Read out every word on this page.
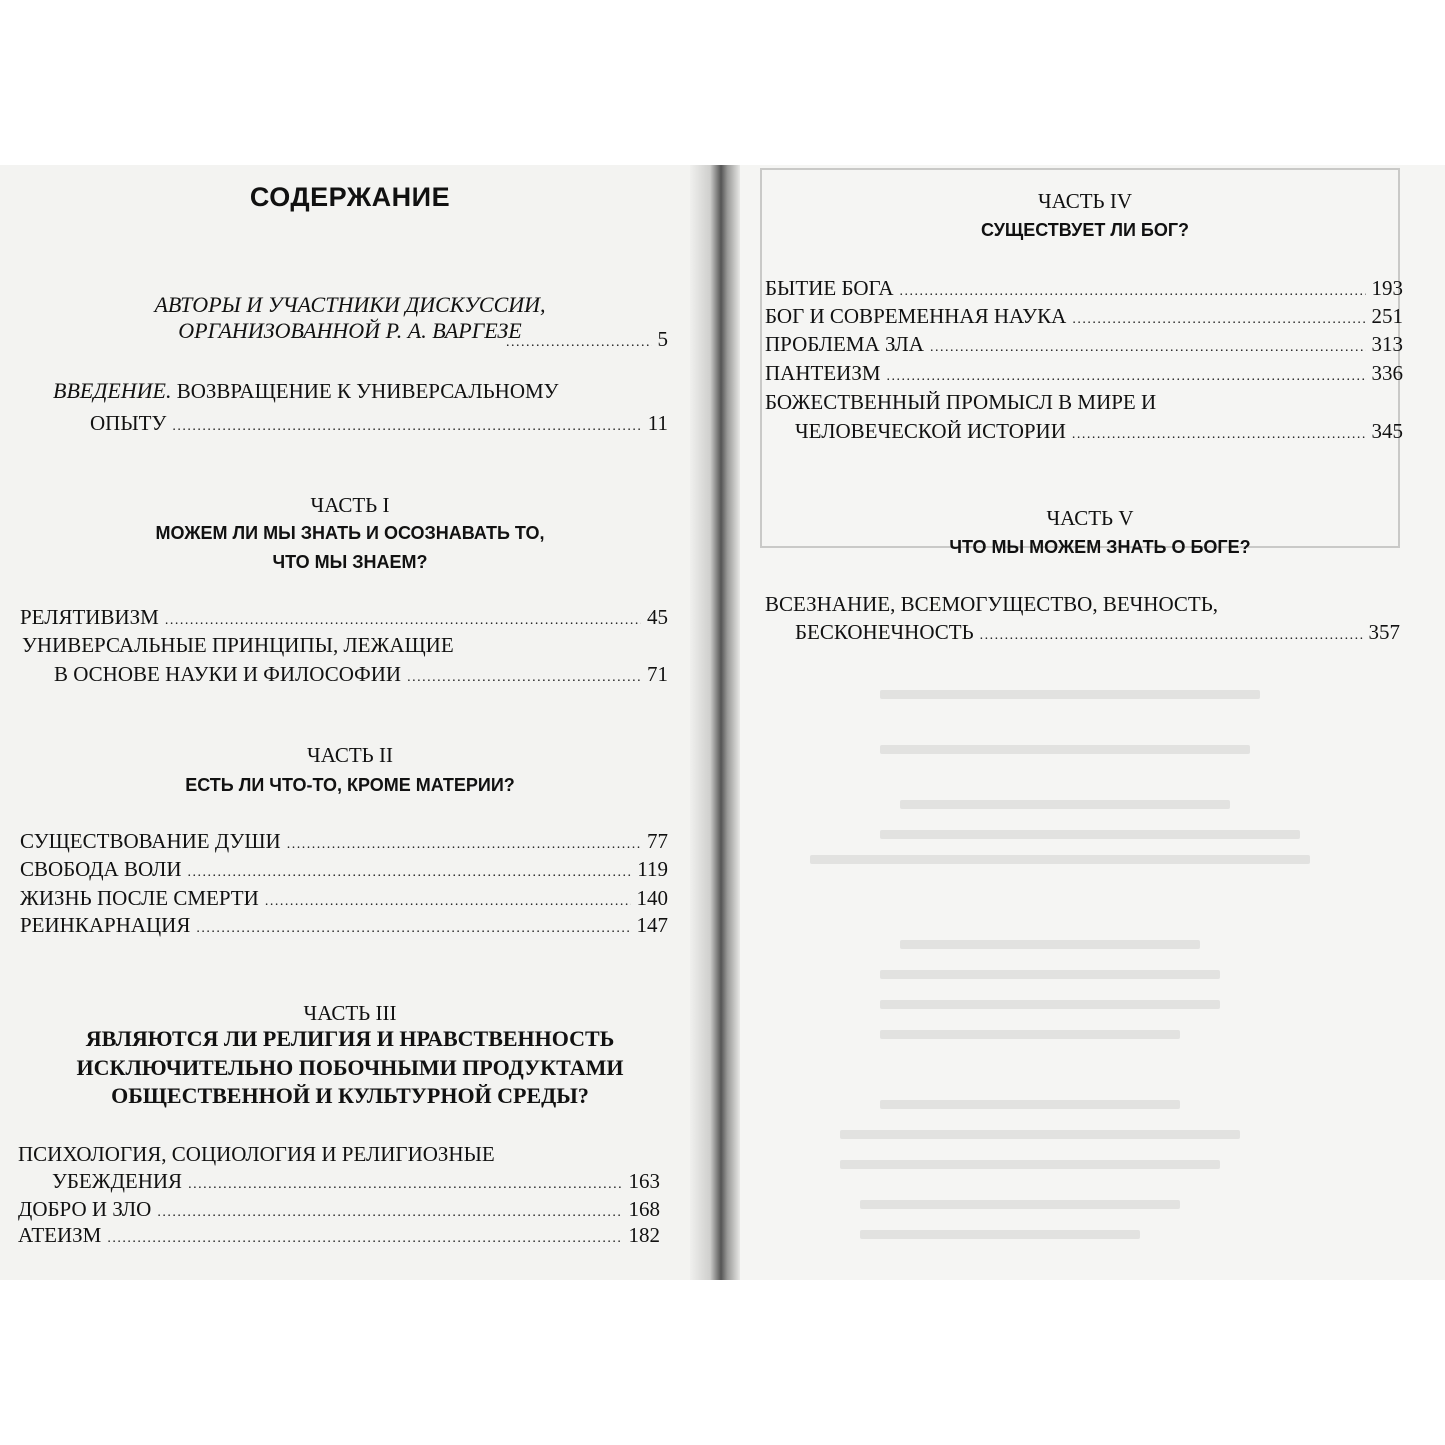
СОДЕРЖАНИЕ
АВТОРЫ И УЧАСТНИКИ ДИСКУССИИ,
ОРГАНИЗОВАННОЙ Р. А. ВАРГЕЗЕ . . .	5
ВВЕДЕНИЕ. ВОЗВРАЩЕНИЕ К УНИВЕРСАЛЬНОМУ
ОПЫТУ . . .	11
ЧАСТЬ I
МОЖЕМ ЛИ МЫ ЗНАТЬ И ОСОЗНАВАТЬ ТО,
ЧТО МЫ ЗНАЕМ?
РЕЛЯТИВИЗМ . . .	45
УНИВЕРСАЛЬНЫЕ ПРИНЦИПЫ, ЛЕЖАЩИЕ
В ОСНОВЕ НАУКИ И ФИЛОСОФИИ . . .	71
ЧАСТЬ II
ЕСТЬ ЛИ ЧТО-ТО, КРОМЕ МАТЕРИИ?
СУЩЕСТВОВАНИЕ ДУШИ . . .	77
СВОБОДА ВОЛИ . . .	119
ЖИЗНЬ ПОСЛЕ СМЕРТИ . . .	140
РЕИНКАРНАЦИЯ . . .	147
ЧАСТЬ III
ЯВЛЯЮТСЯ ЛИ РЕЛИГИЯ И НРАВСТВЕННОСТЬ
ИСКЛЮЧИТЕЛЬНО ПОБОЧНЫМИ ПРОДУКТАМИ
ОБЩЕСТВЕННОЙ И КУЛЬТУРНОЙ СРЕДЫ?
ПСИХОЛОГИЯ, СОЦИОЛОГИЯ И РЕЛИГИОЗНЫЕ
УБЕЖДЕНИЯ . . .	163
ДОБРО И ЗЛО . . .	168
АТЕИЗМ . . .	182
ЧАСТЬ IV
СУЩЕСТВУЕТ ЛИ БОГ?
БЫТИЕ БОГА . . .	193
БОГ И СОВРЕМЕННАЯ НАУКА . . .	251
ПРОБЛЕМА ЗЛА . . .	313
ПАНТЕИЗМ . . .	336
БОЖЕСТВЕННЫЙ ПРОМЫСЛ В МИРЕ И
ЧЕЛОВЕЧЕСКОЙ ИСТОРИИ . . .	345
ЧАСТЬ V
ЧТО МЫ МОЖЕМ ЗНАТЬ О БОГЕ?
ВСЕЗНАНИЕ, ВСЕМОГУЩЕСТВО, ВЕЧНОСТЬ,
БЕСКОНЕЧНОСТЬ . . .	357
